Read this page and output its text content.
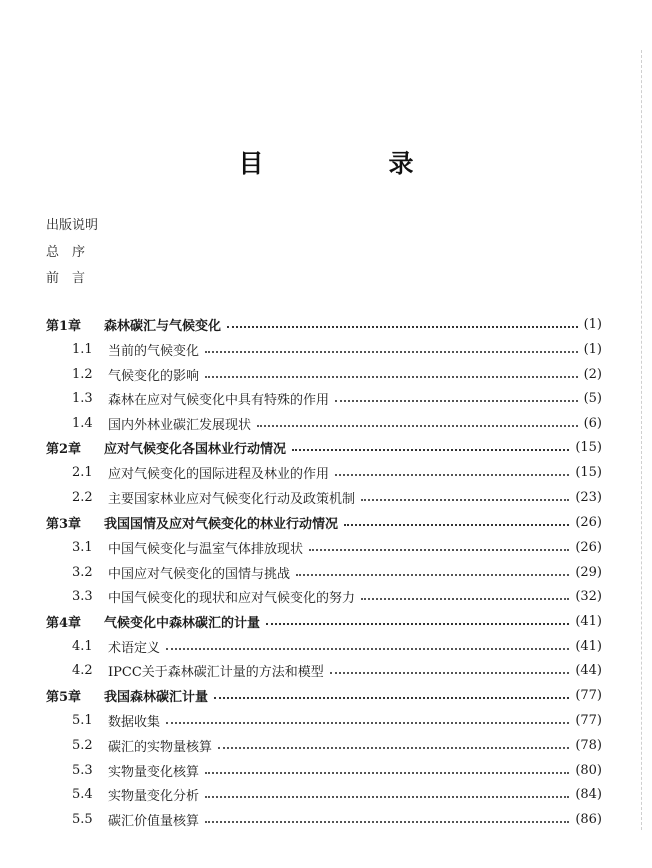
目　录
出版说明
总序
前言
第1章	森林碳汇与气候变化	(1)
1.1	当前的气候变化	(1)
1.2	气候变化的影响	(2)
1.3	森林在应对气候变化中具有特殊的作用	(5)
1.4	国内外林业碳汇发展现状	(6)
第2章	应对气候变化各国林业行动情况	(15)
2.1	应对气候变化的国际进程及林业的作用	(15)
2.2	主要国家林业应对气候变化行动及政策机制	(23)
第3章	我国国情及应对气候变化的林业行动情况	(26)
3.1	中国气候变化与温室气体排放现状	(26)
3.2	中国应对气候变化的国情与挑战	(29)
3.3	中国气候变化的现状和应对气候变化的努力	(32)
第4章	气候变化中森林碳汇的计量	(41)
4.1	术语定义	(41)
4.2	IPCC关于森林碳汇计量的方法和模型	(44)
第5章	我国森林碳汇计量	(77)
5.1	数据收集	(77)
5.2	碳汇的实物量核算	(78)
5.3	实物量变化核算	(80)
5.4	实物量变化分析	(84)
5.5	碳汇价值量核算	(86)
